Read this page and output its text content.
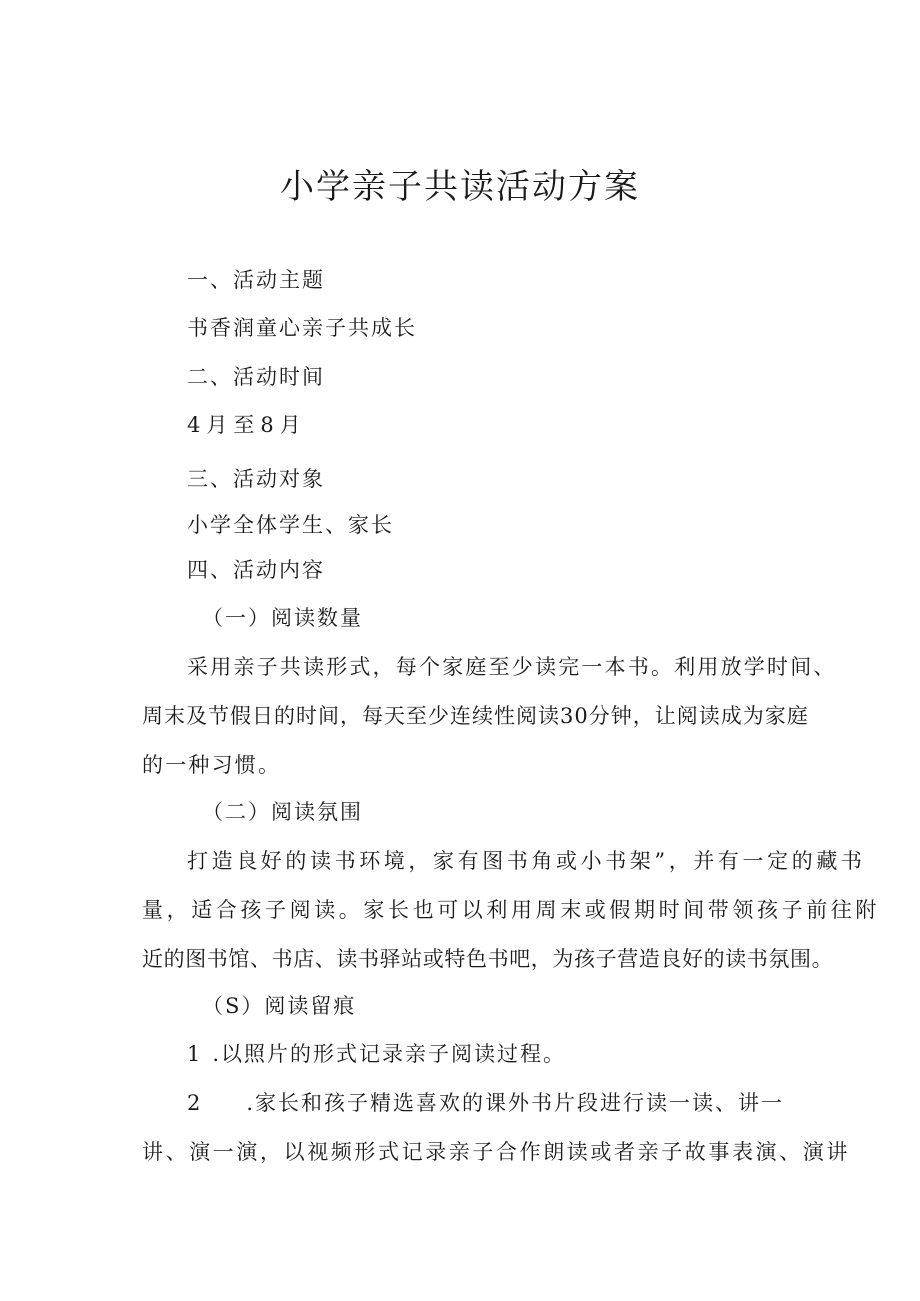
小学亲子共读活动方案
一、活动主题
书香润童心亲子共成长
二、活动时间
4月至8月
三、活动对象
小学全体学生、家长
四、活动内容
（一）阅读数量
采用亲子共读形式，每个家庭至少读完一本书。利用放学时间、
周末及节假日的时间，每天至少连续性阅读30分钟，让阅读成为家庭
的一种习惯。
（二）阅读氛围
打造良好的读书环境，家有图书角或小书架”，并有一定的藏书
量，适合孩子阅读。家长也可以利用周末或假期时间带领孩子前往附
近的图书馆、书店、读书驿站或特色书吧，为孩子营造良好的读书氛围。
（S）阅读留痕
1 .以照片的形式记录亲子阅读过程。
2 .家长和孩子精选喜欢的课外书片段进行读一读、讲一
讲、演一演，以视频形式记录亲子合作朗读或者亲子故事表演、演讲
